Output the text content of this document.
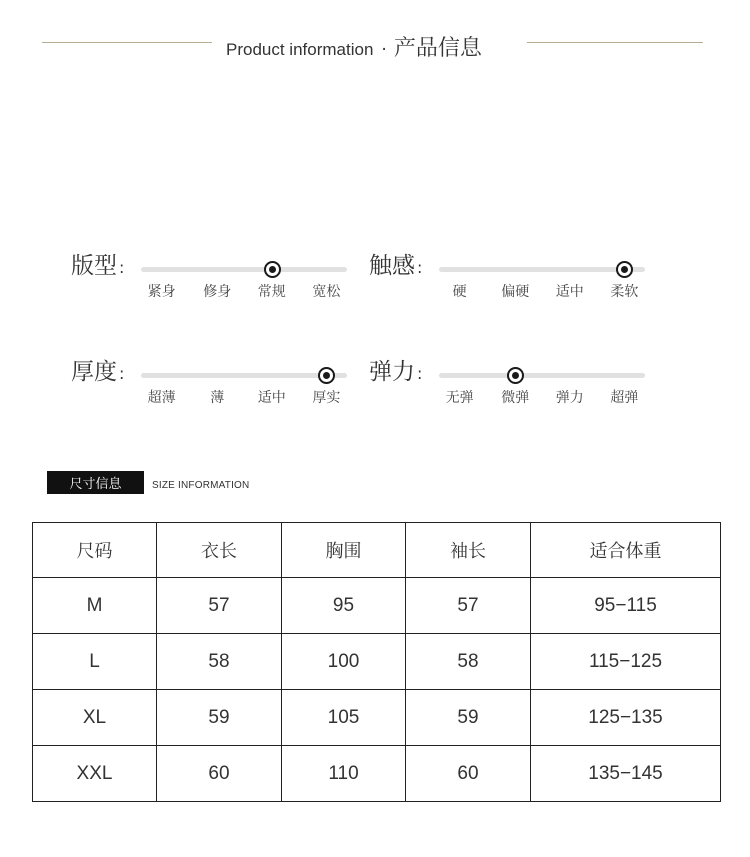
Product information · 产品信息
版型 :
紧身 修身 常规 宽松
触感 :
硬 偏硬 适中 柔软
厚度 :
超薄 薄 适中 厚实
弹力 :
无弹 微弹 弹力 超弹
尺寸信息	SIZE INFORMATION
尺码	衣长	胸围	袖长	适合体重
M	57	95	57	95−115
L	58	100	58	115−125
XL	59	105	59	125−135
XXL	60	110	60	135−145
